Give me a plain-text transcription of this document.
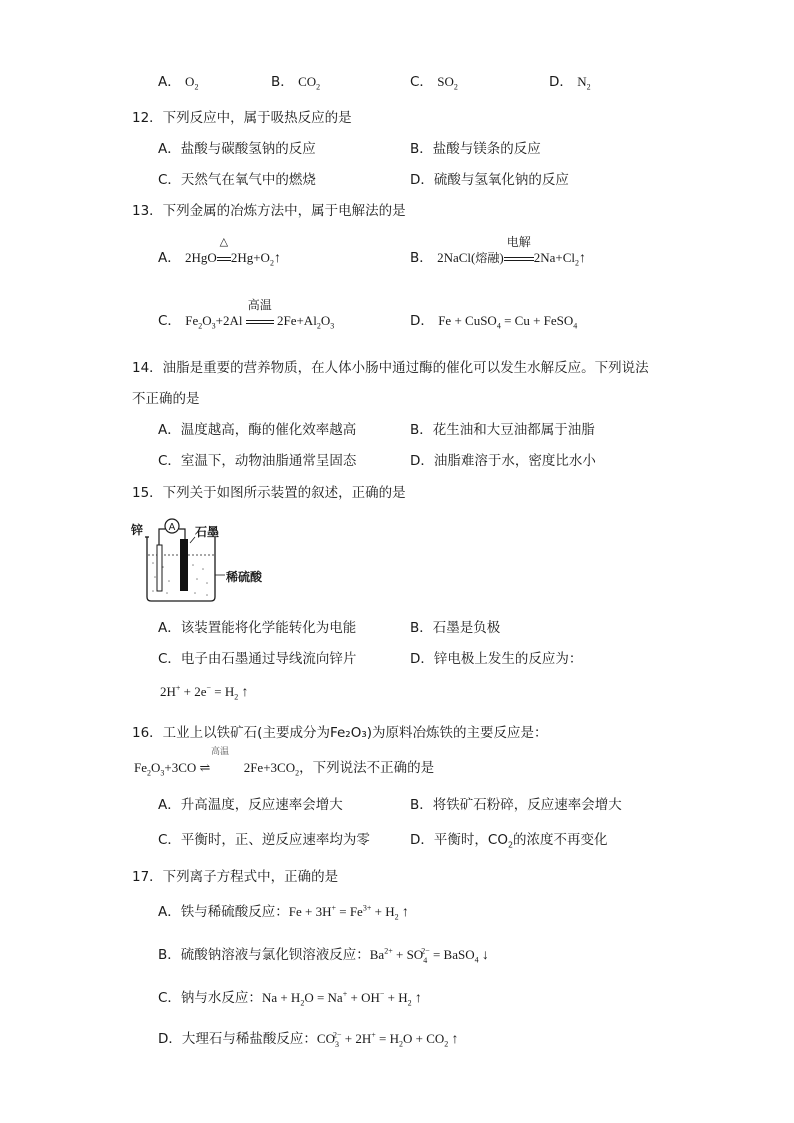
A． $O_2$	B． $CO_2$	C． $SO_2$	D． $N_2$
12．下列反应中，属于吸热反应的是
A．盐酸与碳酸氢钠的反应	B．盐酸与镁条的反应
C．天然气在氧气中的燃烧	D．硫酸与氢氧化钠的反应
13．下列金属的冶炼方法中，属于电解法的是
A． 2HgO
△
$2Hg+O_2↑$	B． 2NaCl(熔融)
电解
$2Na+Cl_2↑$
C． $Fe_2O_3+2Al$
高温
$2Fe+Al_2O_3$	D． Fe + CuSO$_4$ = Cu + FeSO$_4$
14．油脂是重要的营养物质，在人体小肠中通过酶的催化可以发生水解反应。下列说法
不正确的是
A．温度越高，酶的催化效率越高	B．花生油和大豆油都属于油脂
C．室温下，动物油脂通常呈固态	D．油脂难溶于水，密度比水小
15．下列关于如图所示装置的叙述，正确的是
A
锌	石墨
稀硫酸
A．该装置能将化学能转化为电能	B．石墨是负极
C．电子由石墨通过导线流向锌片	D．锌电极上发生的反应为：
$2H^+ + 2e^- = H_2$ ↑
16．工业上以铁矿石(主要成分为Fe₂O₃)为原料冶炼铁的主要反应是：
$Fe_2O_3+3CO$
高温
⇌ $2Fe+3CO_2$，下列说法不正确的是
A．升高温度，反应速率会增大	B．将铁矿石粉碎，反应速率会增大
C．平衡时，正、逆反应速率均为零	D．平衡时，$CO_2$的浓度不再变化
17．下列离子方程式中，正确的是
A．铁与稀硫酸反应：$Fe + 3H^+ = Fe^{3+} + H_2$ ↑
B．硫酸钠溶液与氯化钡溶液反应：$Ba^{2+} + SO_4^{2-}$ = BaSO$_4$ ↓
C．钠与水反应：$Na + H_2O = Na^+ + OH^- + H_2$ ↑
D．大理石与稀盐酸反应：$CO_3^{2-} + 2H^+ = H_2O + CO_2$ ↑
